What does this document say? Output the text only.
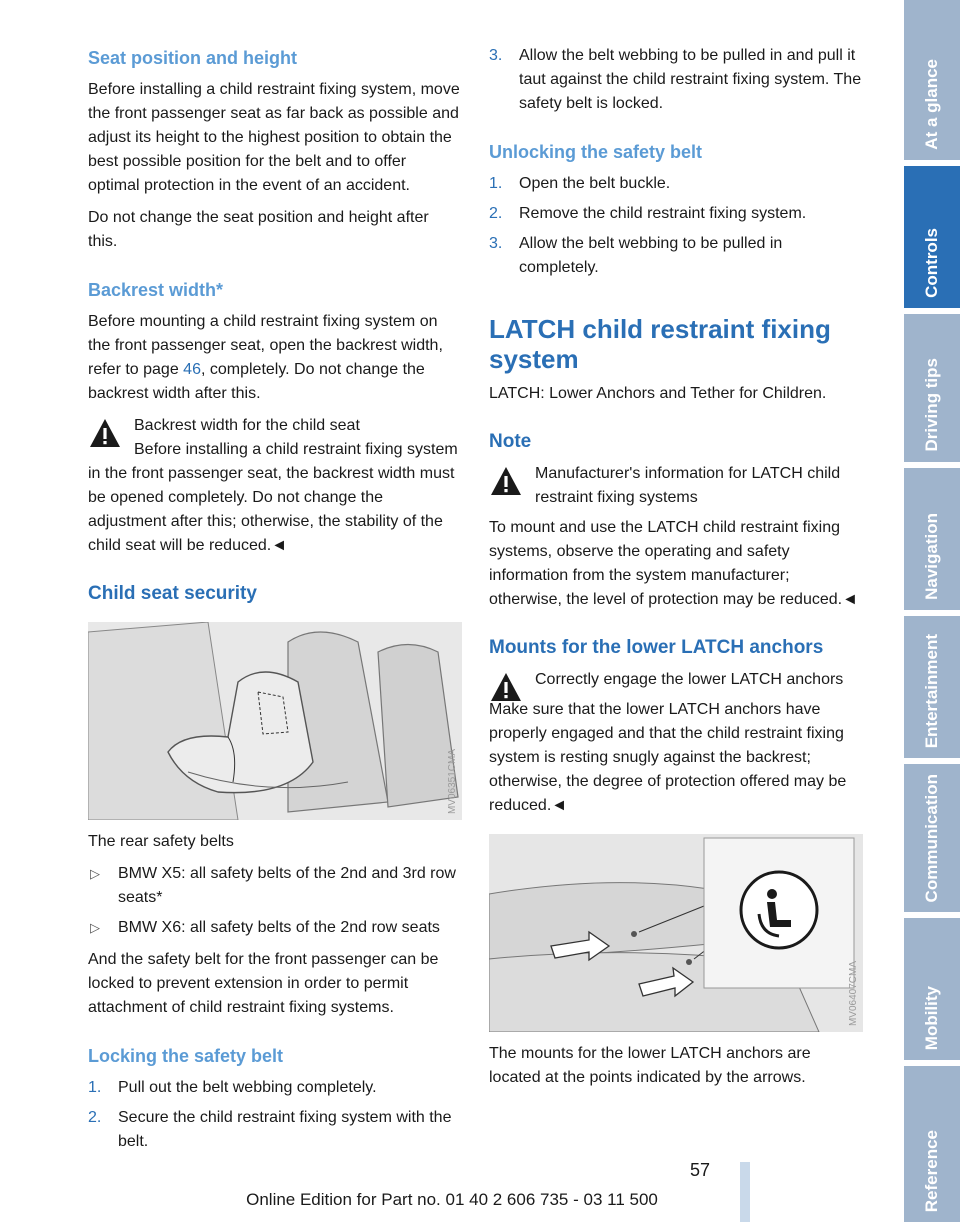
Seat position and height

Before installing a child restraint fixing system, move the front passenger seat as far back as possible and adjust its height to the highest position to obtain the best possible position for the belt and to offer optimal protection in the event of an accident.

Do not change the seat position and height after this.

Backrest width*

Before mounting a child restraint fixing system on the front passenger seat, open the backrest width, refer to page 46, completely. Do not change the backrest width after this.

Backrest width for the child seat

Before installing a child restraint fixing system in the front passenger seat, the backrest width must be opened completely. Do not change the adjustment after this; otherwise, the stability of the child seat will be reduced.◄

Child seat security
MV06351CMA

The rear safety belts

▷ BMW X5: all safety belts of the 2nd and 3rd row seats*
▷ BMW X6: all safety belts of the 2nd row seats

And the safety belt for the front passenger can be locked to prevent extension in order to permit attachment of child restraint fixing systems.

Locking the safety belt
1. Pull out the belt webbing completely.
2. Secure the child restraint fixing system with the belt.
3. Allow the belt webbing to be pulled in and pull it taut against the child restraint fixing system. The safety belt is locked.
Unlocking the safety belt
1. Open the belt buckle.
2. Remove the child restraint fixing system.
3. Allow the belt webbing to be pulled in completely.
LATCH child restraint fixing system

LATCH: Lower Anchors and Tether for Children.

Note
Manufacturer's information for LATCH child restraint fixing systems

To mount and use the LATCH child restraint fixing systems, observe the operating and safety information from the system manufacturer; otherwise, the level of protection may be reduced.◄

Mounts for the lower LATCH anchors
Correctly engage the lower LATCH anchors

Make sure that the lower LATCH anchors have properly engaged and that the child restraint fixing system is resting snugly against the backrest; otherwise, the degree of protection offered may be reduced.◄

MV06407CMA

The mounts for the lower LATCH anchors are located at the points indicated by the arrows.

At a glance
Controls
Driving tips
Navigation
Entertainment
Communication
Mobility
Reference
57
Online Edition for Part no. 01 40 2 606 735 - 03 11 500
